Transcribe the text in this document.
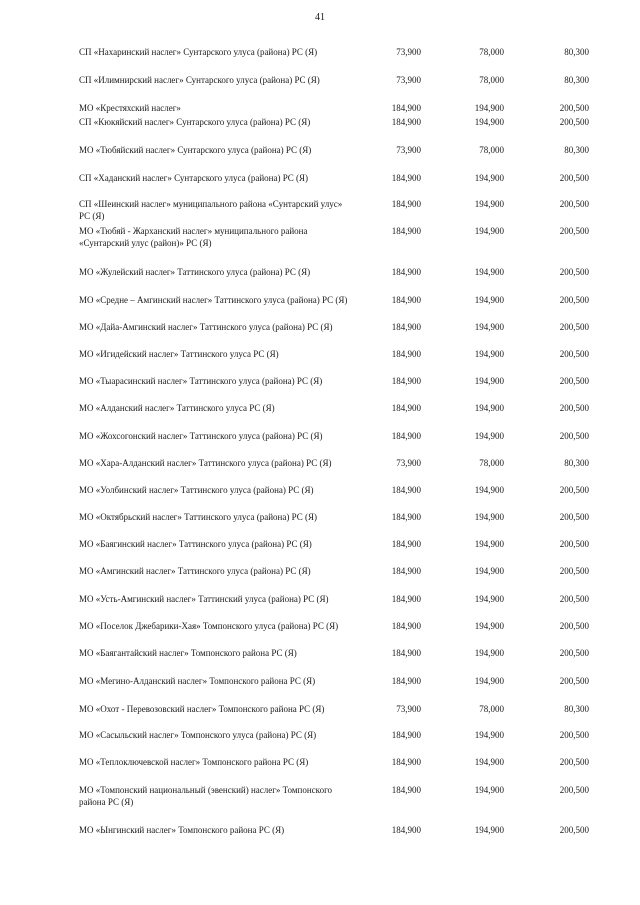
41
СП «Нахаринский наслег» Сунтарского улуса (района) РС (Я)	73,900	78,000	80,300
СП «Илимнирский наслег» Сунтарского улуса (района) РС (Я)	73,900	78,000	80,300
МО «Крестяхский наслег»	184,900	194,900	200,500
СП «Кюкяйский наслег» Сунтарского улуса (района) РС (Я)	184,900	194,900	200,500
МО «Тюбяйский наслег» Сунтарского улуса (района) РС (Я)	73,900	78,000	80,300
СП «Хаданский наслег» Сунтарского улуса (района) РС (Я)	184,900	194,900	200,500
СП «Шеинский наслег» муниципального района «Сунтарский улус» РС (Я)
184,900	194,900	200,500
МО «Тюбяй - Жарханский наслег» муниципального района «Сунтарский улус (район)» РС (Я)
184,900	194,900	200,500
МО «Жулейский наслег» Таттинского улуса (района) РС (Я)	184,900	194,900	200,500
МО «Средне – Амгинский наслег» Таттинского улуса (района) РС (Я)	184,900	194,900	200,500
МО «Дайа-Амгинский наслег» Таттинского улуса (района) РС (Я)	184,900	194,900	200,500
МО «Игидейский наслег» Таттинского улуса РС (Я)	184,900	194,900	200,500
МО «Тыарасинский наслег» Таттинского улуса (района) РС (Я)	184,900	194,900	200,500
МО «Алданский наслег» Таттинского улуса РС (Я)	184,900	194,900	200,500
МО «Жохсогонский наслег» Таттинского улуса (района) РС (Я)	184,900	194,900	200,500
МО «Хара-Алданский наслег» Таттинского улуса (района) РС (Я)	73,900	78,000	80,300
МО «Уолбинский наслег» Таттинского улуса (района) РС (Я)	184,900	194,900	200,500
МО «Октябрьский наслег» Таттинского улуса (района) РС (Я)	184,900	194,900	200,500
МО «Баягинский наслег» Таттинского улуса (района) РС (Я)	184,900	194,900	200,500
МО «Амгинский наслег» Таттинского улуса (района) РС (Я)	184,900	194,900	200,500
МО «Усть-Амгинский наслег» Таттинский улуса (района) РС (Я)	184,900	194,900	200,500
МО «Поселок Джебарики-Хая» Томпонского улуса (района) РС (Я)	184,900	194,900	200,500
МО «Баягантайский наслег» Томпонского района РС (Я)	184,900	194,900	200,500
МО «Мегино-Алданский наслег» Томпонского района РС (Я)	184,900	194,900	200,500
МО «Охот - Перевозовский наслег» Томпонского района РС (Я)	73,900	78,000	80,300
МО «Сасыльский наслег» Томпонского улуса (района) РС (Я)	184,900	194,900	200,500
МО «Теплоключевской наслег» Томпонского района РС (Я)	184,900	194,900	200,500
МО «Томпонский национальный (эвенский) наслег» Томпонского района РС (Я)
184,900	194,900	200,500
МО «Ынгинский наслег» Томпонского района РС (Я)	184,900	194,900	200,500
